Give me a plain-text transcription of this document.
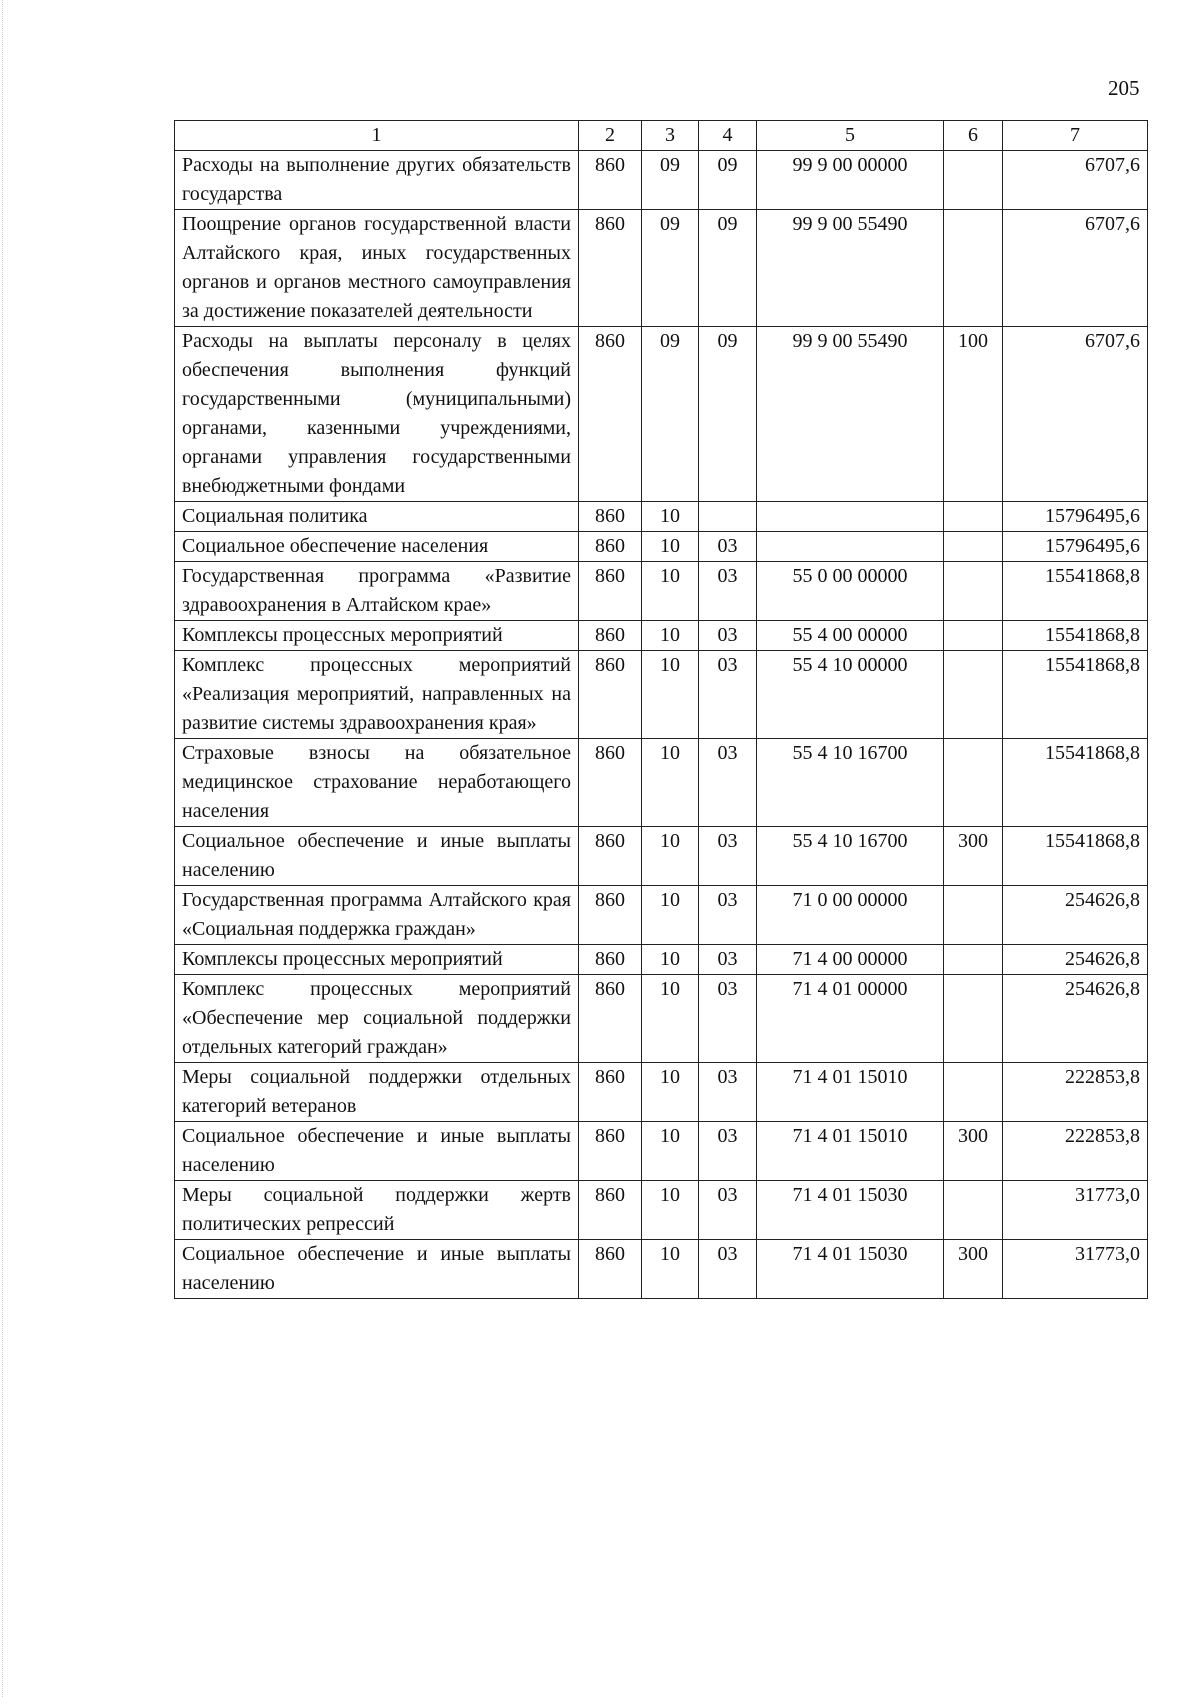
205
1	2	3	4	5	6	7
Расходы на выполнение других обязательств государства	860	09	09	99 9 00 00000		6707,6
Поощрение органов государственной власти Алтайского края, иных государственных органов и органов местного самоуправления за достижение показателей деятельности	860	09	09	99 9 00 55490		6707,6
Расходы на выплаты персоналу в целях обеспечения выполнения функций государственными (муниципальными) органами, казенными учреждениями, органами управления государственными внебюджетными фондами	860	09	09	99 9 00 55490	100	6707,6
Социальная политика	860	10				15796495,6
Социальное обеспечение населения	860	10	03			15796495,6
Государственная программа «Развитие здравоохранения в Алтайском крае»	860	10	03	55 0 00 00000		15541868,8
Комплексы процессных мероприятий	860	10	03	55 4 00 00000		15541868,8
Комплекс процессных мероприятий «Реализация мероприятий, направленных на развитие системы здравоохранения края»	860	10	03	55 4 10 00000		15541868,8
Страховые взносы на обязательное медицинское страхование неработающего населения	860	10	03	55 4 10 16700		15541868,8
Социальное обеспечение и иные выплаты населению	860	10	03	55 4 10 16700	300	15541868,8
Государственная программа Алтайского края «Социальная поддержка граждан»	860	10	03	71 0 00 00000		254626,8
Комплексы процессных мероприятий	860	10	03	71 4 00 00000		254626,8
Комплекс процессных мероприятий «Обеспечение мер социальной поддержки отдельных категорий граждан»	860	10	03	71 4 01 00000		254626,8
Меры социальной поддержки отдельных категорий ветеранов	860	10	03	71 4 01 15010		222853,8
Социальное обеспечение и иные выплаты населению	860	10	03	71 4 01 15010	300	222853,8
Меры социальной поддержки жертв политических репрессий	860	10	03	71 4 01 15030		31773,0
Социальное обеспечение и иные выплаты населению	860	10	03	71 4 01 15030	300	31773,0
